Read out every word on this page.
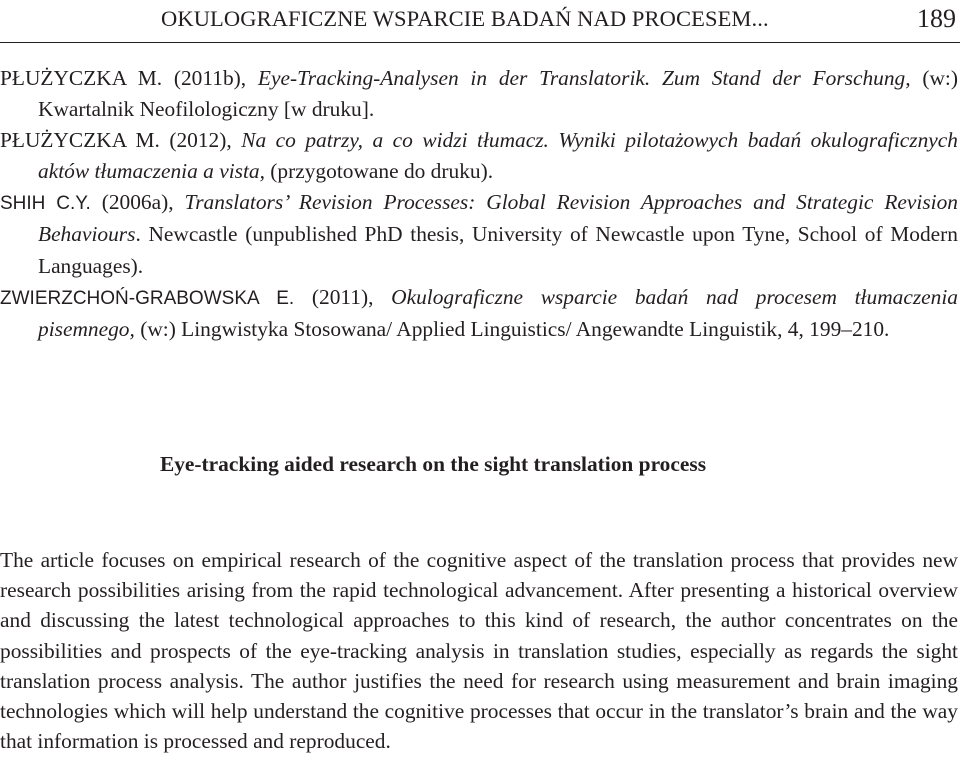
OKULOGRAFICZNE WSPARCIE BADAŃ NAD PROCESEM...	189
PŁUŻYCZKA M. (2011b), Eye-Tracking-Analysen in der Translatorik. Zum Stand der Forschung, (w:) Kwartalnik Neofilologiczny [w druku].
PŁUŻYCZKA M. (2012), Na co patrzy, a co widzi tłumacz. Wyniki pilotażowych badań okulograficznych aktów tłumaczenia a vista, (przygotowane do druku).
SHIH C.Y. (2006a), Translators’ Revision Processes: Global Revision Approaches and Strategic Revision Behaviours. Newcastle (unpublished PhD thesis, University of Newcastle upon Tyne, School of Modern Languages).
ZWIERZCHOŃ-GRABOWSKA E. (2011), Okulograficzne wsparcie badań nad procesem tłumaczenia pisemnego, (w:) Lingwistyka Stosowana/ Applied Linguistics/ Angewandte Linguistik, 4, 199–210.
Eye-tracking aided research on the sight translation process
The article focuses on empirical research of the cognitive aspect of the translation process that provides new research possibilities arising from the rapid technological advancement. After presenting a historical overview and discussing the latest technological approaches to this kind of research, the author concentrates on the possibilities and prospects of the eye-tracking analysis in translation studies, especially as regards the sight translation process analysis. The author justifies the need for research using measurement and brain imaging technologies which will help understand the cognitive processes that occur in the translator’s brain and the way that information is processed and reproduced.
